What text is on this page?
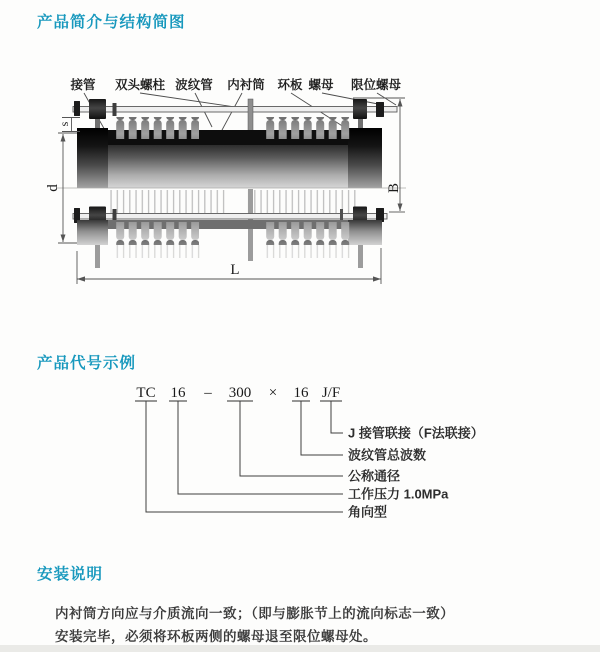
产品简介与结构简图
接管 双头螺柱 波纹管 内衬筒 环板 螺母 限位螺母
s
d	B
L
产品代号示例
TC 16 – 300 × 16 J/F
J 接管联接（F法联接）
波纹管总波数
公称通径
工作压力 1.0MPa
角向型
安装说明
内衬筒方向应与介质流向一致；（即与膨胀节上的流向标志一致）
安装完毕，必须将环板两侧的螺母退至限位螺母处。
